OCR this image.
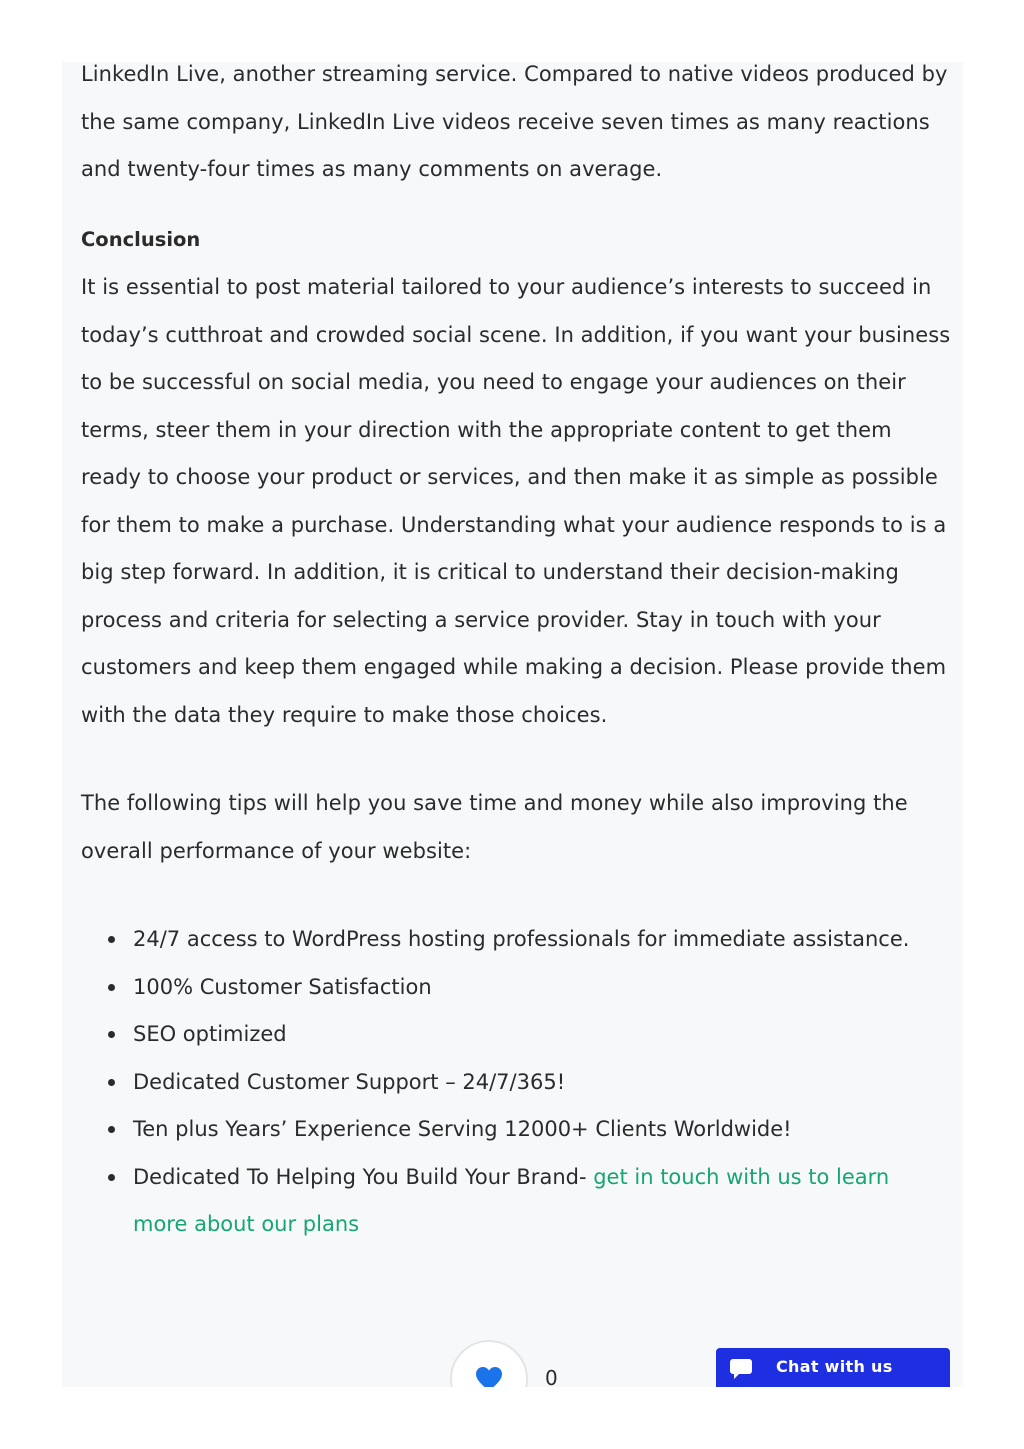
LinkedIn Live, another streaming service. Compared to native videos produced by the same company, LinkedIn Live videos receive seven times as many reactions and twenty-four times as many comments on average.

Conclusion

It is essential to post material tailored to your audience’s interests to succeed in today’s cutthroat and crowded social scene. In addition, if you want your business to be successful on social media, you need to engage your audiences on their terms, steer them in your direction with the appropriate content to get them ready to choose your product or services, and then make it as simple as possible for them to make a purchase. Understanding what your audience responds to is a big step forward. In addition, it is critical to understand their decision-making process and criteria for selecting a service provider. Stay in touch with your customers and keep them engaged while making a decision. Please provide them with the data they require to make those choices.

The following tips will help you save time and money while also improving the overall performance of your website:

24/7 access to WordPress hosting professionals for immediate assistance.
100% Customer Satisfaction
SEO optimized
Dedicated Customer Support – 24/7/365!
Ten plus Years’ Experience Serving 12000+ Clients Worldwide!
Dedicated To Helping You Build Your Brand- get in touch with us to learn more about our plans
0	Chat with us
